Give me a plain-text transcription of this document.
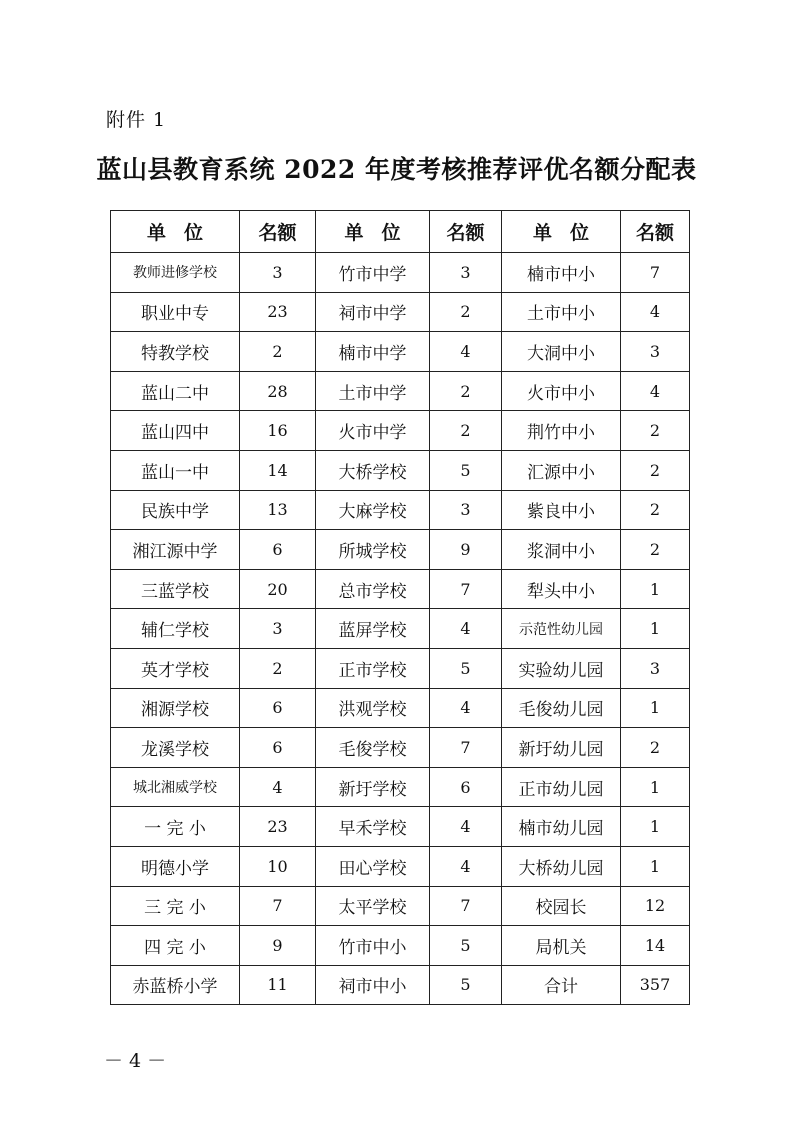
附件 1
蓝山县教育系统 2022 年度考核推荐评优名额分配表
单位	名额	单位	名额	单位	名额
教师进修学校	3	竹市中学	3	楠市中小	7
职业中专	23	祠市中学	2	土市中小	4
特教学校	2	楠市中学	4	大洞中小	3
蓝山二中	28	土市中学	2	火市中小	4
蓝山四中	16	火市中学	2	荆竹中小	2
蓝山一中	14	大桥学校	5	汇源中小	2
民族中学	13	大麻学校	3	紫良中小	2
湘江源中学	6	所城学校	9	浆洞中小	2
三蓝学校	20	总市学校	7	犁头中小	1
辅仁学校	3	蓝屏学校	4	示范性幼儿园	1
英才学校	2	正市学校	5	实验幼儿园	3
湘源学校	6	洪观学校	4	毛俊幼儿园	1
龙溪学校	6	毛俊学校	7	新圩幼儿园	2
城北湘威学校	4	新圩学校	6	正市幼儿园	1
一 完 小	23	早禾学校	4	楠市幼儿园	1
明德小学	10	田心学校	4	大桥幼儿园	1
三 完 小	7	太平学校	7	校园长	12
四 完 小	9	竹市中小	5	局机关	14
赤蓝桥小学	11	祠市中小	5	合计	357
－ 4 －
